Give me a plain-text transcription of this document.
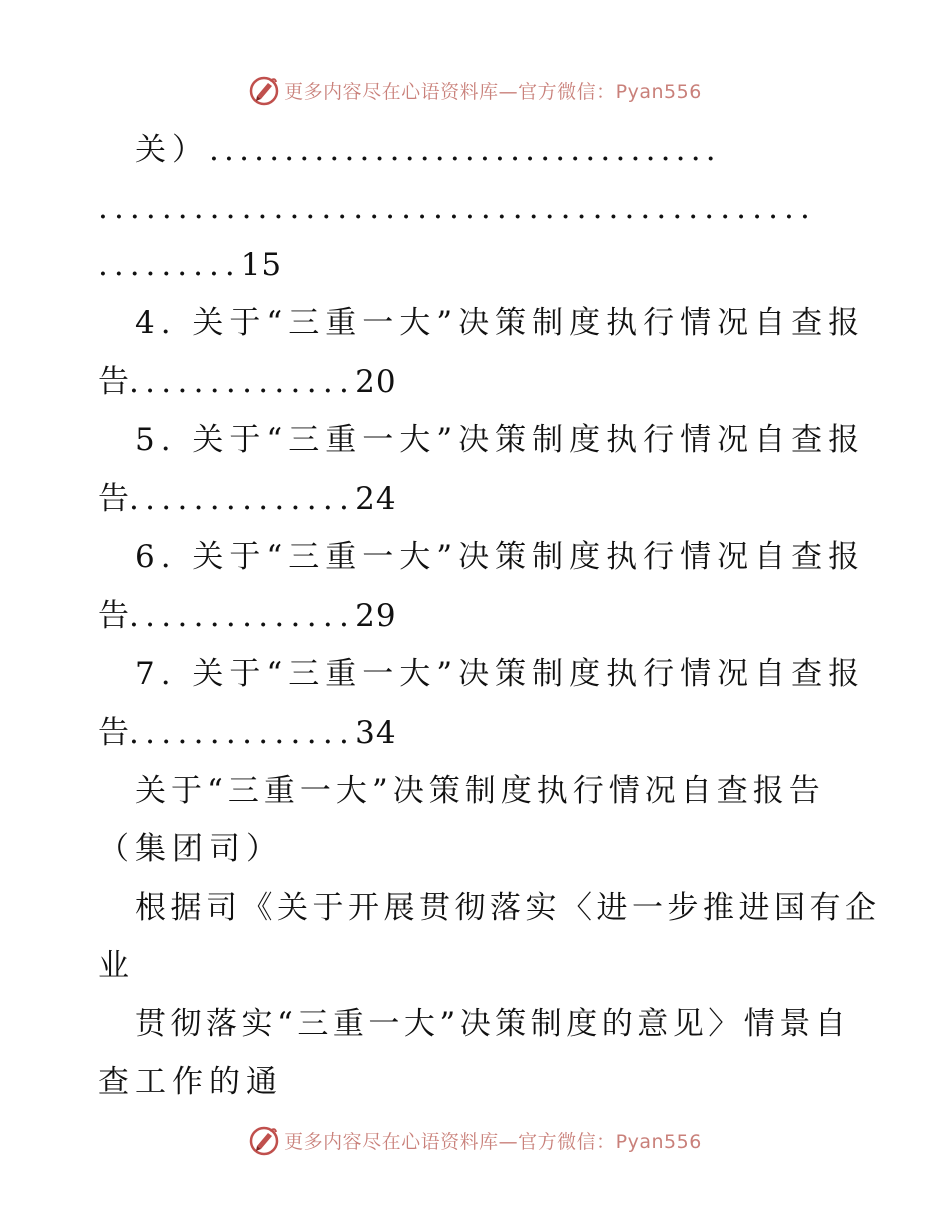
更多内容尽在心语资料库—官方微信：Pyan556
关）..................................
.............................................
.........15
4. 关于“三重一大”决策制度执行情况自查报
告..............20
5. 关于“三重一大”决策制度执行情况自查报
告..............24
6. 关于“三重一大”决策制度执行情况自查报
告..............29
7. 关于“三重一大”决策制度执行情况自查报
告..............34
关于“三重一大”决策制度执行情况自查报告
（集团司）
根据司《关于开展贯彻落实〈进一步推进国有企
业
贯彻落实“三重一大”决策制度的意见〉情景自
查工作的通
更多内容尽在心语资料库—官方微信：Pyan556
